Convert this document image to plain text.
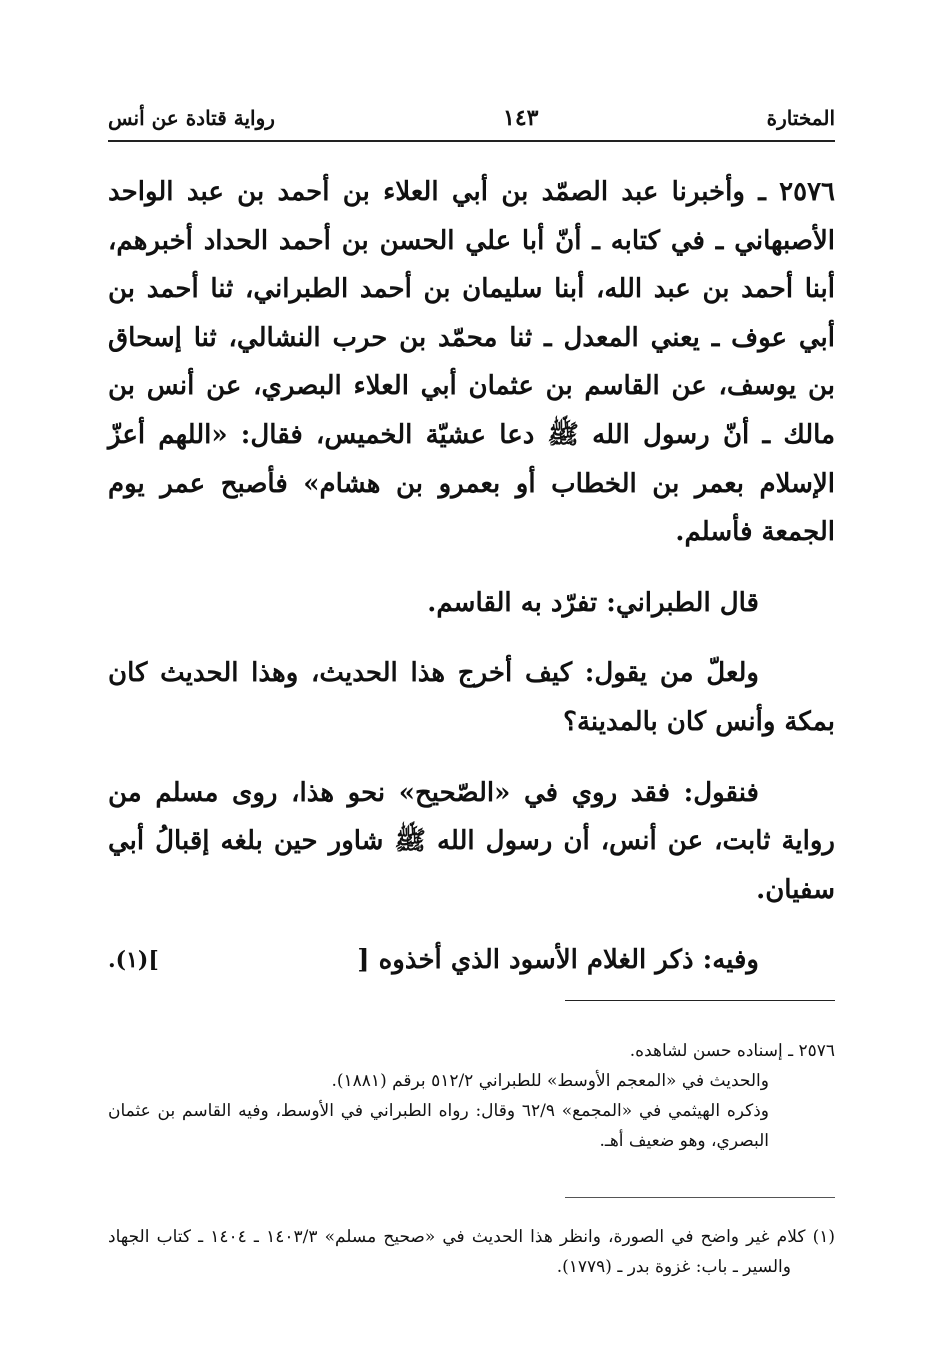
المختارة
١٤٣
رواية قتادة عن أنس

٢٥٧٦ ـ وأخبرنا عبد الصمّد بن أبي العلاء بن أحمد بن عبد الواحد الأصبهاني ـ في كتابه ـ أنّ أبا علي الحسن بن أحمد الحداد أخبرهم، أبنا أحمد بن عبد الله، أبنا سليمان بن أحمد الطبراني، ثنا أحمد بن أبي عوف ـ يعني المعدل ـ ثنا محمّد بن حرب النشالي، ثنا إسحاق بن يوسف، عن القاسم بن عثمان أبي العلاء البصري، عن أنس بن مالك ـ أنّ رسول الله ﷺ دعا عشيّة الخميس، فقال: «اللهم أعزّ الإسلام بعمر بن الخطاب أو بعمرو بن هشام» فأصبح عمر يوم الجمعة فأسلم.

قال الطبراني: تفرّد به القاسم.

ولعلّ من يقول: كيف أخرج هذا الحديث، وهذا الحديث كان بمكة وأنس كان بالمدينة؟

فنقول: فقد روي في «الصّحيح» نحو هذا، روى مسلم من رواية ثابت، عن أنس، أن رسول الله ﷺ شاور حين بلغه إقبالُ أبي سفيان.

وفيه: ذكر الغلام الأسود الذي أخذوه [
](١).

٢٥٧٦ ـ إسناده حسن لشاهده.

والحديث في «المعجم الأوسط» للطبراني ٥١٢/٢ برقم (١٨٨١).

وذكره الهيثمي في «المجمع» ٦٢/٩ وقال: رواه الطبراني في الأوسط، وفيه القاسم بن عثمان البصري، وهو ضعيف أهـ.

(١) كلام غير واضح في الصورة، وانظر هذا الحديث في «صحيح مسلم» ١٤٠٣/٣ ـ ١٤٠٤ ـ كتاب الجهاد والسير ـ باب: غزوة بدر ـ (١٧٧٩).
